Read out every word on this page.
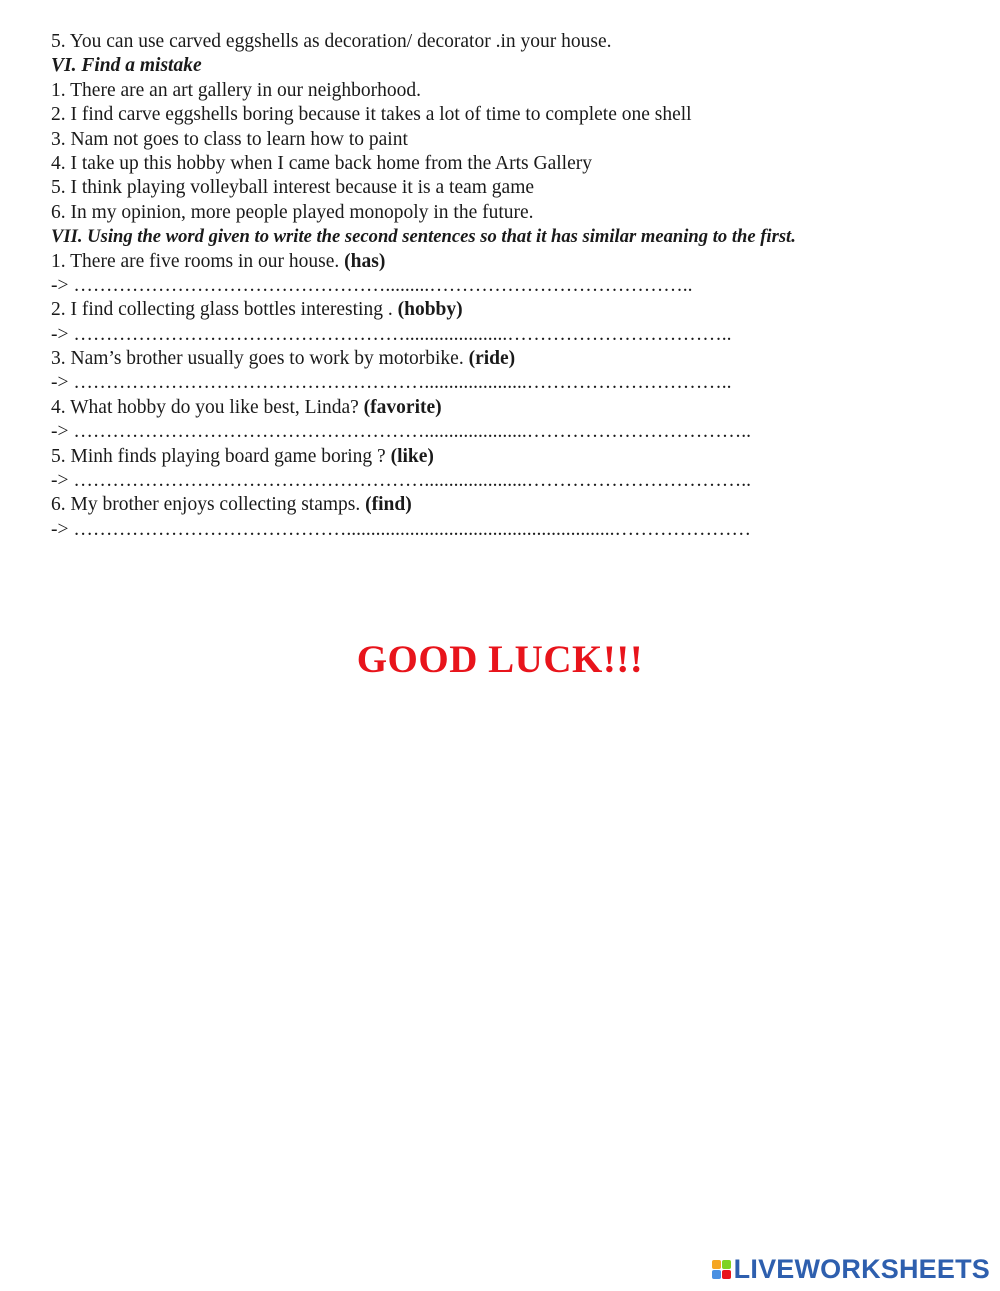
5. You can use carved eggshells as decoration/ decorator .in your house.
VI. Find a mistake
1. There are an art gallery in our neighborhood.
2. I find carve eggshells boring because it takes a lot of time to complete one shell
3. Nam not goes to class to learn how to paint
4. I take up this hobby when I came back home from the Arts Gallery
5. I think playing volleyball interest because it is a team game
6. In my opinion, more people played monopoly in the future.
VII. Using the word given to write the second sentences so that it has similar meaning to the first.
1. There are five rooms in our house. (has)
-> ………………………………………….........…………………………………..
2. I find collecting glass bottles interesting . (hobby)
-> …………………………………………….....................……………………………..
3. Nam’s brother usually goes to work by motorbike. (ride)
-> ……………………………………………….....................…………………………..
4. What hobby do you like best, Linda? (favorite)
-> ……………………………………………….....................……………………………..
5. Minh finds playing board game boring ? (like)
-> ……………………………………………….....................……………………………..
6. My brother enjoys collecting stamps. (find)
-> …………………………………….......................................................…………………
GOOD LUCK!!!
LIVEWORKSHEETS
